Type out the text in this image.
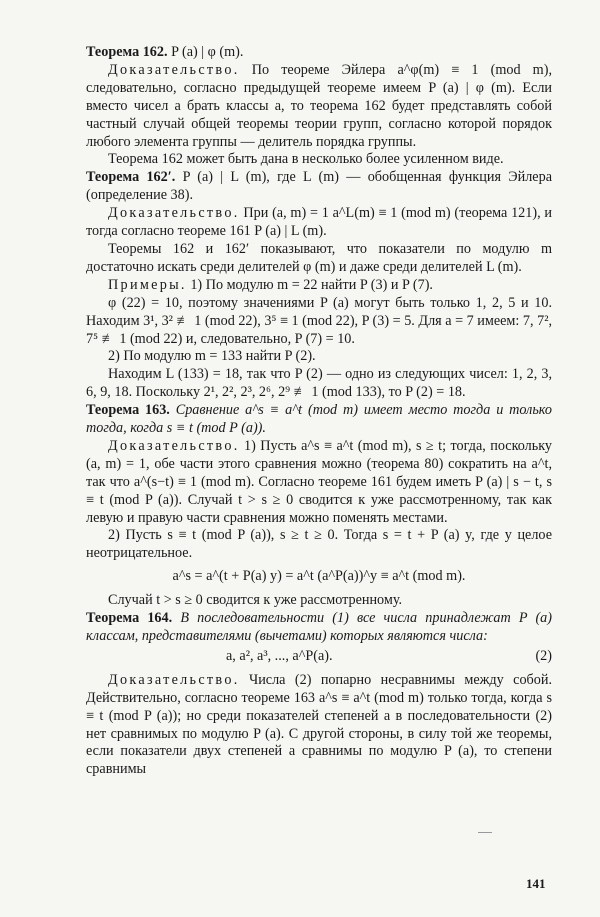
Теорема 162. P (a) | φ (m).

Доказательство. По теореме Эйлера a^φ(m) ≡ 1 (mod m), следовательно, согласно предыдущей теореме имеем P (a) | φ (m). Если вместо чисел a брать классы a, то теорема 162 будет представлять собой частный случай общей теоремы теории групп, согласно которой порядок любого элемента группы — делитель порядка группы.

Теорема 162 может быть дана в несколько более усиленном виде.

Теорема 162′. P (a) | L (m), где L (m) — обобщенная функция Эйлера (определение 38).

Доказательство. При (a, m) = 1 a^L(m) ≡ 1 (mod m) (теорема 121), и тогда согласно теореме 161 P (a) | L (m).

Теоремы 162 и 162′ показывают, что показатели по модулю m достаточно искать среди делителей φ (m) и даже среди делителей L (m).

Примеры. 1) По модулю m = 22 найти P (3) и P (7).

φ (22) = 10, поэтому значениями P (a) могут быть только 1, 2, 5 и 10. Находим 3¹, 3² ≢ 1 (mod 22), 3⁵ ≡ 1 (mod 22), P (3) = 5. Для a = 7 имеем: 7, 7², 7⁵ ≢ 1 (mod 22) и, следовательно, P (7) = 10.

2) По модулю m = 133 найти P (2).

Находим L (133) = 18, так что P (2) — одно из следующих чисел: 1, 2, 3, 6, 9, 18. Поскольку 2¹, 2², 2³, 2⁶, 2⁹ ≢ 1 (mod 133), то P (2) = 18.

Теорема 163. Сравнение a^s ≡ a^t (mod m) имеет место тогда и только тогда, когда s ≡ t (mod P (a)).

Доказательство. 1) Пусть a^s ≡ a^t (mod m), s ≥ t; тогда, поскольку (a, m) = 1, обе части этого сравнения можно (теорема 80) сократить на a^t, так что a^(s−t) ≡ 1 (mod m). Согласно теореме 161 будем иметь P (a) | s − t, s ≡ t (mod P (a)). Случай t > s ≥ 0 сводится к уже рассмотренному, так как левую и правую части сравнения можно поменять местами.

2) Пусть s ≡ t (mod P (a)), s ≥ t ≥ 0. Тогда s = t + P (a) y, где y целое неотрицательное.

a^s = a^(t + P(a) y) = a^t (a^P(a))^y ≡ a^t (mod m).

Случай t > s ≥ 0 сводится к уже рассмотренному.

Теорема 164. В последовательности (1) все числа принадлежат P (a) классам, представителями (вычетами) которых являются числа:

a, a², a³, ..., a^P(a).	(2)

Доказательство. Числа (2) попарно несравнимы между собой. Действительно, согласно теореме 163 a^s ≡ a^t (mod m) только тогда, когда s ≡ t (mod P (a)); но среди показателей степеней a в последовательности (2) нет сравнимых по модулю P (a). С другой стороны, в силу той же теоремы, если показатели двух степеней a сравнимы по модулю P (a), то степени сравнимы

141
